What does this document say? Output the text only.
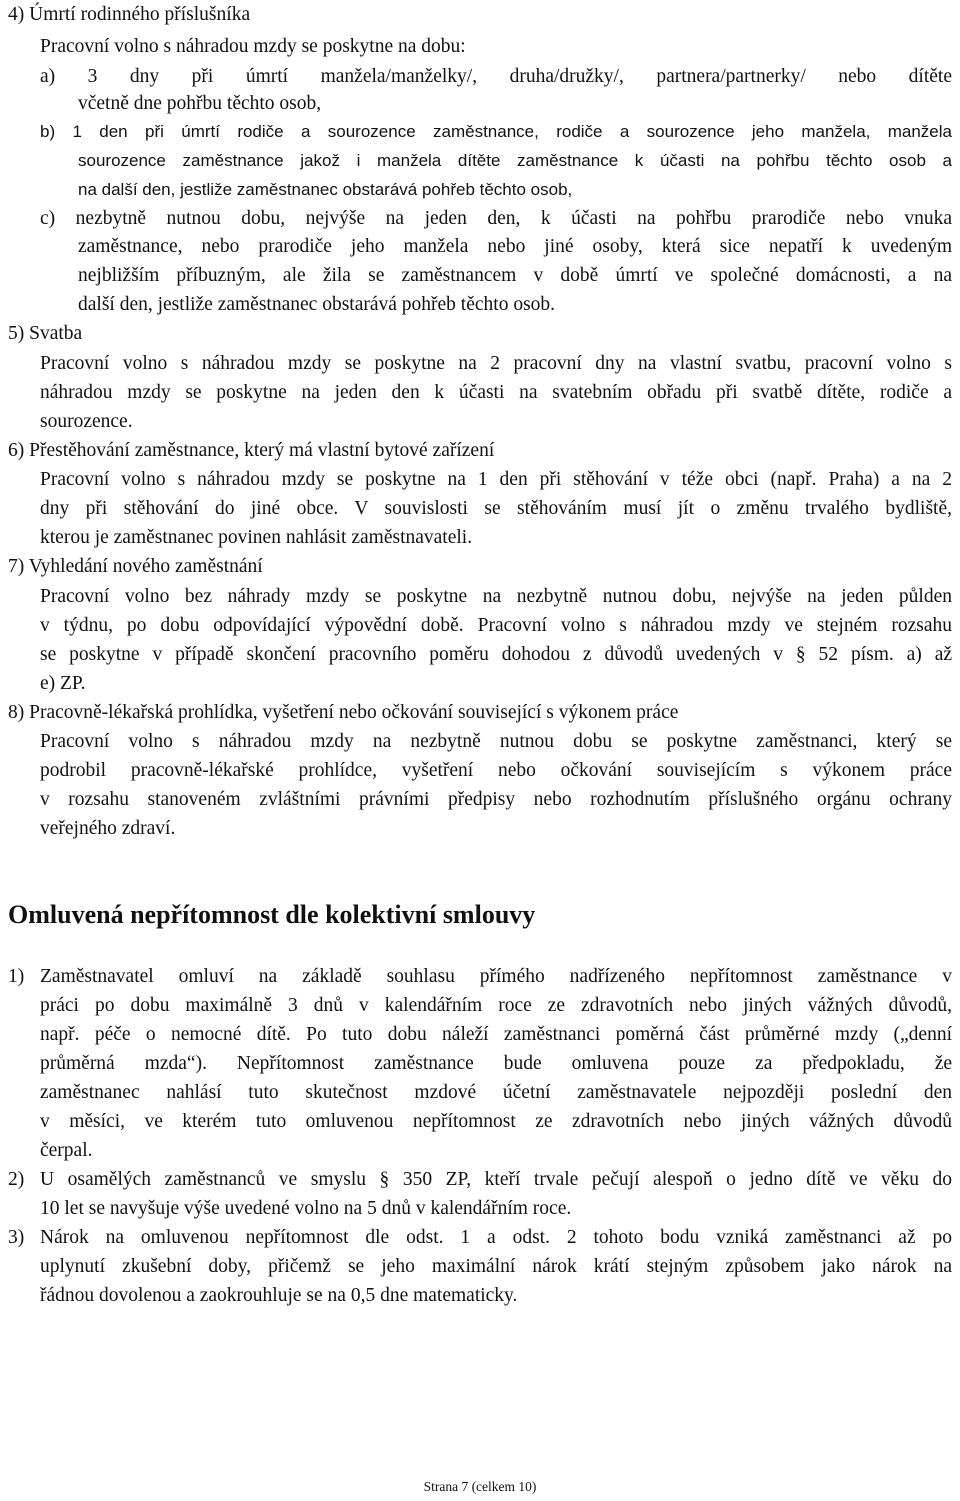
4) Úmrtí rodinného příslušníka
Pracovní volno s náhradou mzdy se poskytne na dobu:
a) 3 dny při úmrtí manžela/manželky/, druha/družky/, partnera/partnerky/ nebo dítěte
včetně dne pohřbu těchto osob,
b) 1 den při úmrtí rodiče a sourozence zaměstnance, rodiče a sourozence jeho manžela, manžela
sourozence zaměstnance jakož i manžela dítěte zaměstnance k účasti na pohřbu těchto osob a
na další den, jestliže zaměstnanec obstarává pohřeb těchto osob,
c) nezbytně nutnou dobu, nejvýše na jeden den, k účasti na pohřbu prarodiče nebo vnuka
zaměstnance, nebo prarodiče jeho manžela nebo jiné osoby, která sice nepatří k uvedeným
nejbližším příbuzným, ale žila se zaměstnancem v době úmrtí ve společné domácnosti, a na
další den, jestliže zaměstnanec obstarává pohřeb těchto osob.
5) Svatba
Pracovní volno s náhradou mzdy se poskytne na 2 pracovní dny na vlastní svatbu, pracovní volno s
náhradou mzdy se poskytne na jeden den k účasti na svatebním obřadu při svatbě dítěte, rodiče a
sourozence.
6) Přestěhování zaměstnance, který má vlastní bytové zařízení
Pracovní volno s náhradou mzdy se poskytne na 1 den při stěhování v téže obci (např. Praha) a na 2
dny při stěhování do jiné obce. V souvislosti se stěhováním musí jít o změnu trvalého bydliště,
kterou je zaměstnanec povinen nahlásit zaměstnavateli.
7) Vyhledání nového zaměstnání
Pracovní volno bez náhrady mzdy se poskytne na nezbytně nutnou dobu, nejvýše na jeden půlden
v týdnu, po dobu odpovídající výpovědní době. Pracovní volno s náhradou mzdy ve stejném rozsahu
se poskytne v případě skončení pracovního poměru dohodou z důvodů uvedených v § 52 písm. a) až
e) ZP.
8) Pracovně-lékařská prohlídka, vyšetření nebo očkování související s výkonem práce
Pracovní volno s náhradou mzdy na nezbytně nutnou dobu se poskytne zaměstnanci, který se
podrobil pracovně-lékařské prohlídce, vyšetření nebo očkování souvisejícím s výkonem práce
v rozsahu stanoveném zvláštními právními předpisy nebo rozhodnutím příslušného orgánu ochrany
veřejného zdraví.
Omluvená nepřítomnost dle kolektivní smlouvy
1) Zaměstnavatel omluví na základě souhlasu přímého nadřízeného nepřítomnost zaměstnance v
práci po dobu maximálně 3 dnů v kalendářním roce ze zdravotních nebo jiných vážných důvodů,
např. péče o nemocné dítě. Po tuto dobu náleží zaměstnanci poměrná část průměrné mzdy („denní
průměrná mzda“). Nepřítomnost zaměstnance bude omluvena pouze za předpokladu, že
zaměstnanec nahlásí tuto skutečnost mzdové účetní zaměstnavatele nejpozději poslední den
v měsíci, ve kterém tuto omluvenou nepřítomnost ze zdravotních nebo jiných vážných důvodů
čerpal.
2) U osamělých zaměstnanců ve smyslu § 350 ZP, kteří trvale pečují alespoň o jedno dítě ve věku do
10 let se navyšuje výše uvedené volno na 5 dnů v kalendářním roce.
3) Nárok na omluvenou nepřítomnost dle odst. 1 a odst. 2 tohoto bodu vzniká zaměstnanci až po
uplynutí zkušební doby, přičemž se jeho maximální nárok krátí stejným způsobem jako nárok na
řádnou dovolenou a zaokrouhluje se na 0,5 dne matematicky.
Strana 7 (celkem 10)
